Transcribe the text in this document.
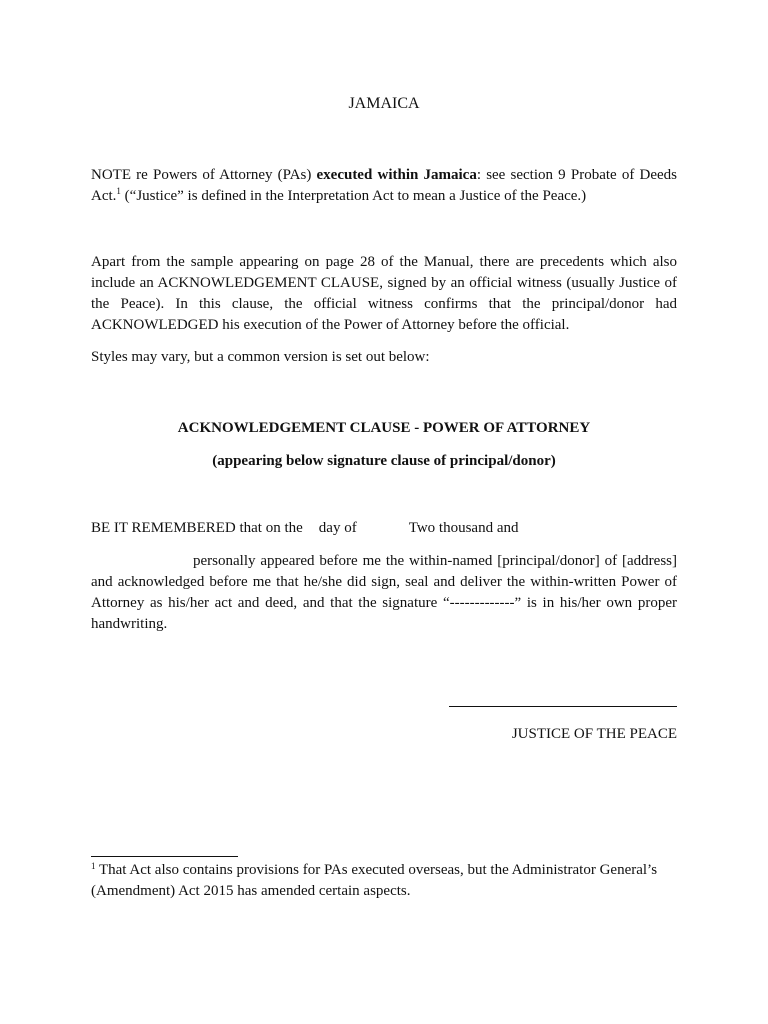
JAMAICA
NOTE re Powers of Attorney (PAs) executed within Jamaica: see section 9 Probate of Deeds Act.$^1$ (“Justice” is defined in the Interpretation Act to mean a Justice of the Peace.)
Apart from the sample appearing on page 28 of the Manual, there are precedents which also include an ACKNOWLEDGEMENT CLAUSE, signed by an official witness (usually Justice of the Peace). In this clause, the official witness confirms that the principal/donor had ACKNOWLEDGED his execution of the Power of Attorney before the official.
Styles may vary, but a common version is set out below:
ACKNOWLEDGEMENT CLAUSE - POWER OF ATTORNEY
(appearing below signature clause of principal/donor)
BE IT REMEMBERED that on the day of	Two thousand and
personally appeared before me the within-named [principal/donor] of [address] and acknowledged before me that he/she did sign, seal and deliver the within-written Power of Attorney as his/her act and deed, and that the signature “-------------” is in his/her own proper handwriting.
JUSTICE OF THE PEACE
$^1$ That Act also contains provisions for PAs executed overseas, but the Administrator General’s (Amendment) Act 2015 has amended certain aspects.
